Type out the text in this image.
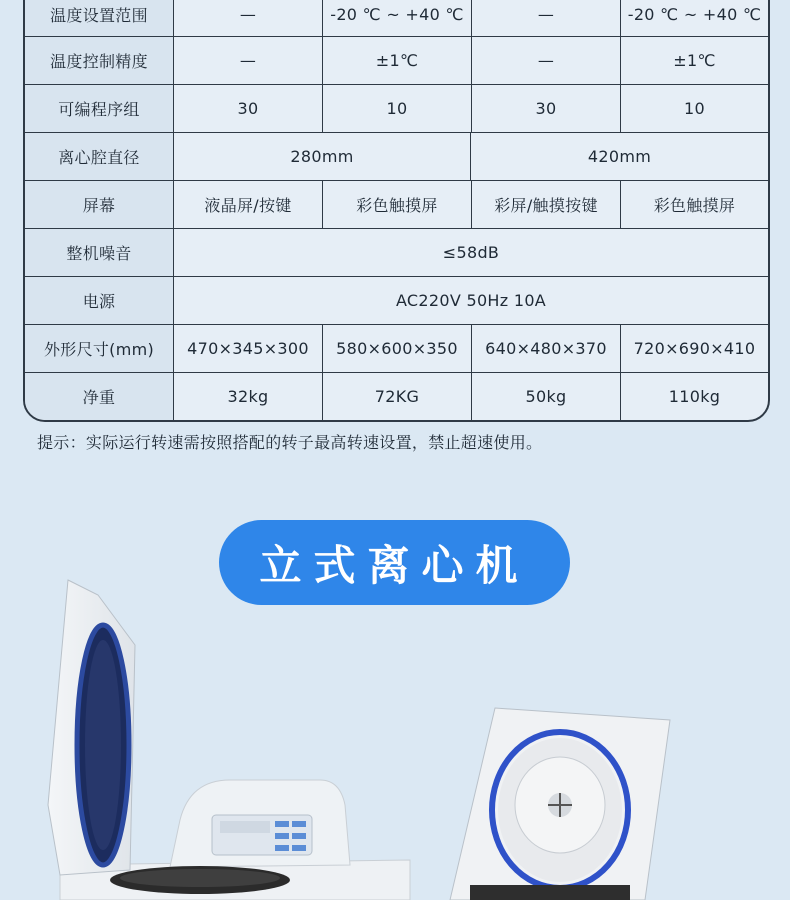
温度设置范围	—	-20 ℃ ~ +40 ℃	—	-20 ℃ ~ +40 ℃
温度控制精度	—	±1℃	—	±1℃
可编程序组	30	10	30	10
离心腔直径	280mm	420mm
屏幕	液晶屏/按键	彩色触摸屏	彩屏/触摸按键	彩色触摸屏
整机噪音	≤58dB
电源	AC220V 50Hz 10A
外形尺寸(mm)	470×345×300	580×600×350	640×480×370	720×690×410
净重	32kg	72KG	50kg	110kg
提示：实际运行转速需按照搭配的转子最高转速设置，禁止超速使用。
立式离心机
